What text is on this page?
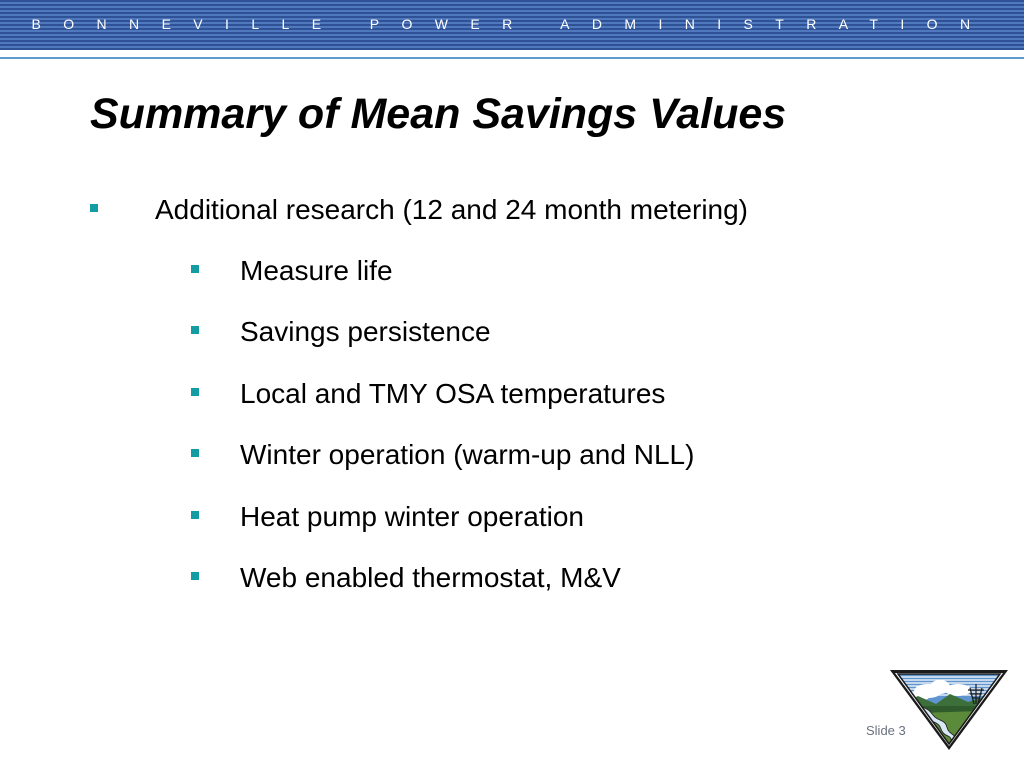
BONNEVILLE POWER ADMINISTRATION
Summary of Mean Savings Values

Additional research (12 and 24 month metering)

Measure life

Savings persistence

Local and TMY OSA temperatures

Winter operation (warm-up and NLL)

Heat pump winter operation

Web enabled thermostat, M&V

Slide 3
